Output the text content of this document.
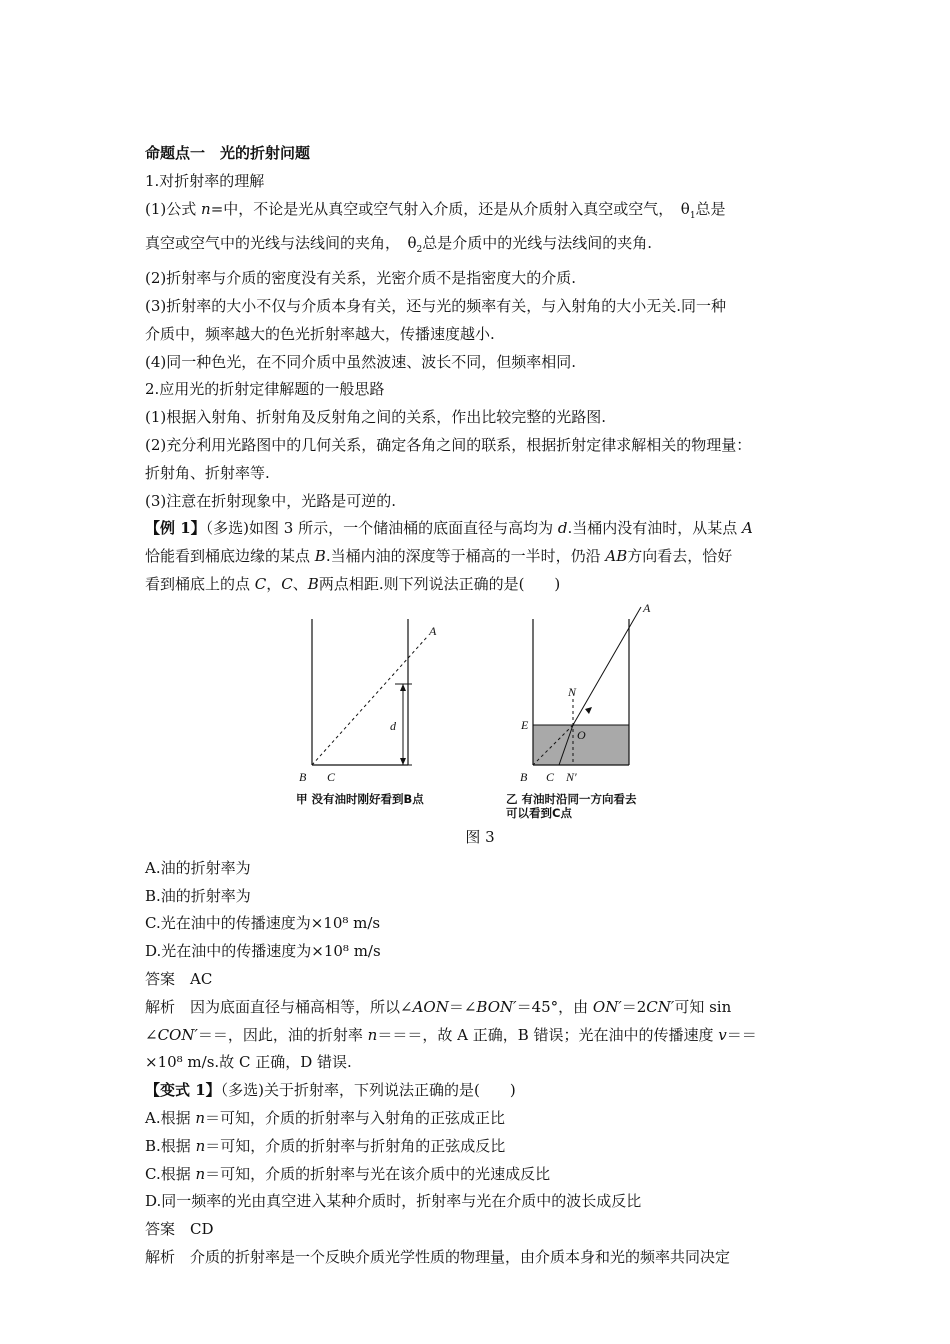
命题点一　光的折射问题
1.对折射率的理解
(1)公式 n=中，不论是光从真空或空气射入介质，还是从介质射入真空或空气，　$\theta_1$总是
真空或空气中的光线与法线间的夹角，　$\theta_2$总是介质中的光线与法线间的夹角.
(2)折射率与介质的密度没有关系，光密介质不是指密度大的介质.
(3)折射率的大小不仅与介质本身有关，还与光的频率有关，与入射角的大小无关.同一种
介质中，频率越大的色光折射率越大，传播速度越小.
(4)同一种色光，在不同介质中虽然波速、波长不同，但频率相同.
2.应用光的折射定律解题的一般思路
(1)根据入射角、折射角及反射角之间的关系，作出比较完整的光路图.
(2)充分利用光路图中的几何关系，确定各角之间的联系，根据折射定律求解相关的物理量：
折射角、折射率等.
(3)注意在折射现象中，光路是可逆的.
【例 1】（多选)如图 3 所示，一个储油桶的底面直径与高均为 d.当桶内没有油时，从某点 A
恰能看到桶底边缘的某点 B.当桶内油的深度等于桶高的一半时，仍沿 AB方向看去，恰好
看到桶底上的点 C，C、B两点相距.则下列说法正确的是(　　)
A
B C
d
A
N
E
O
B C N′
甲 没有油时刚好看到B点	乙 有油时沿同一方向看去
可以看到C点
图 3
A.油的折射率为
B.油的折射率为
C.光在油中的传播速度为×10⁸ m/s
D.光在油中的传播速度为×10⁸ m/s
答案　AC
解析　因为底面直径与桶高相等，所以∠AON＝∠BON′＝45°，由 ON′＝2CN′可知 sin
∠CON′＝＝，因此，油的折射率 n＝＝＝，故 A 正确，B 错误；光在油中的传播速度 v＝＝
×10⁸ m/s.故 C 正确，D 错误.
【变式 1】（多选)关于折射率，下列说法正确的是(　　)
A.根据 n＝可知，介质的折射率与入射角的正弦成正比
B.根据 n＝可知，介质的折射率与折射角的正弦成反比
C.根据 n＝可知，介质的折射率与光在该介质中的光速成反比
D.同一频率的光由真空进入某种介质时，折射率与光在介质中的波长成反比
答案　CD
解析　介质的折射率是一个反映介质光学性质的物理量，由介质本身和光的频率共同决定
